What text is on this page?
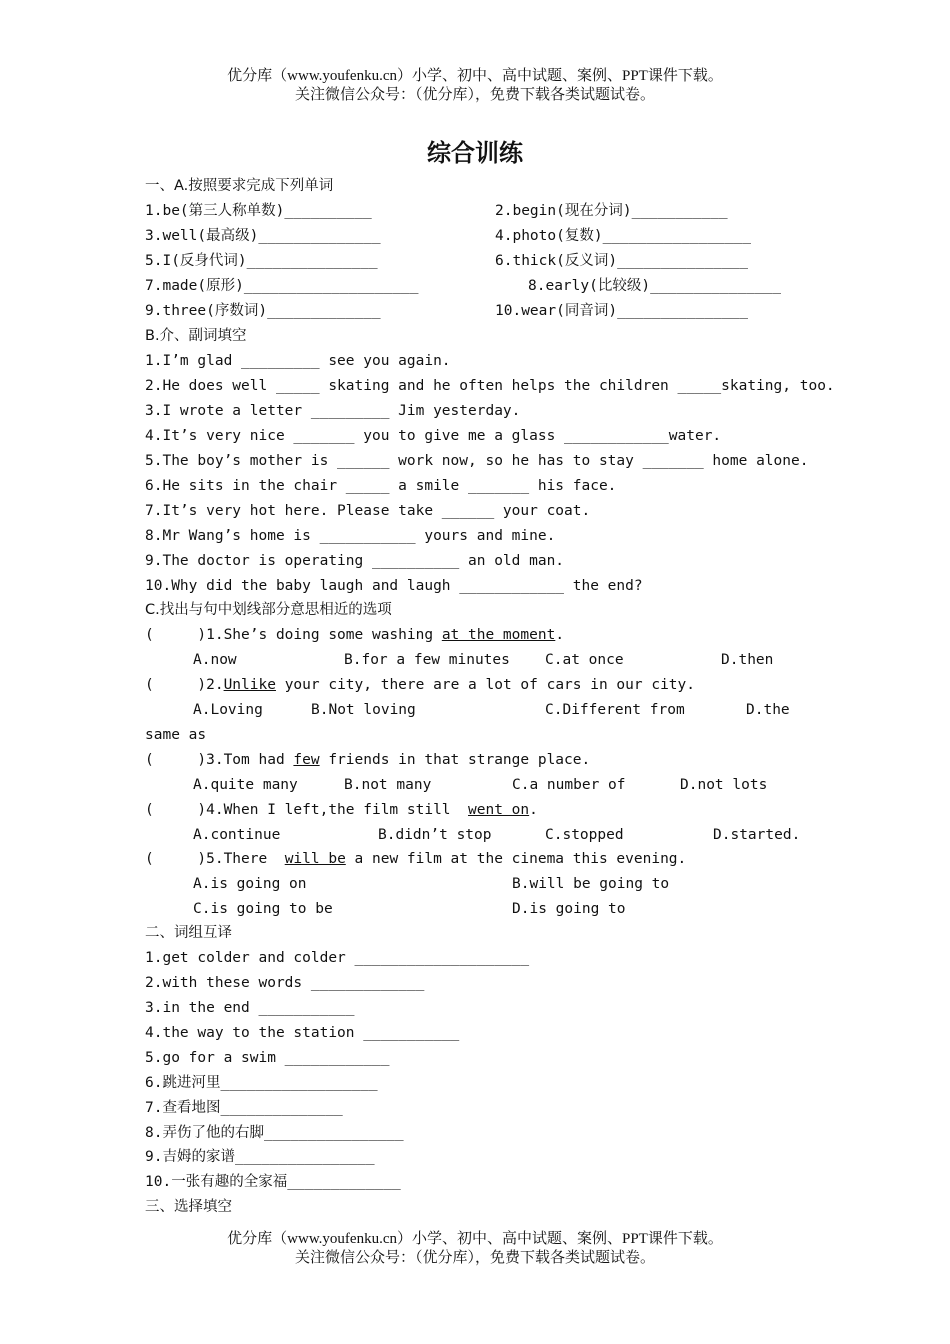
优分库（www.youfenku.cn）小学、初中、高中试题、案例、PPT课件下载。
关注微信公众号：（优分库），免费下载各类试题试卷。
综合训练
一、A.按照要求完成下列单词
1.be(第三人称单数)__________	2.begin(现在分词)___________
3.well(最高级)______________	4.photo(复数)_________________
5.I(反身代词)_______________	6.thick(反义词)_______________
7.made(原形)____________________	8.early(比较级)_______________
9.three(序数词)_____________	10.wear(同音词)_______________
B.介、副词填空
1.I’m glad _________ see you again.
2.He does well _____ skating and he often helps the children _____skating, too.
3.I wrote a letter _________ Jim yesterday.
4.It’s very nice _______ you to give me a glass ____________water.
5.The boy’s mother is ______ work now, so he has to stay _______ home alone.
6.He sits in the chair _____ a smile _______ his face.
7.It’s very hot here. Please take ______ your coat.
8.Mr Wang’s home is ___________ yours and mine.
9.The doctor is operating __________ an old man.
10.Why did the baby laugh and laugh ____________ the end?
C.找出与句中划线部分意思相近的选项
(     )1.She’s doing some washing at the moment.
A.now	B.for a few minutes C.at once	D.then
(     )2.Unlike your city, there are a lot of cars in our city.
A.Loving	B.Not loving	C.Different from	D.the
same as
(     )3.Tom had few friends in that strange place.
A.quite many	B.not many	C.a number of	D.not lots
(     )4.When I left,the film still  went on.
A.continue	B.didn’t stop	C.stopped	D.started.
(     )5.There  will be a new film at the cinema this evening.
A.is going on	B.will be going to
C.is going to be	D.is going to
二、词组互译
1.get colder and colder ____________________
2.with these words _____________
3.in the end ___________
4.the way to the station ___________
5.go for a swim ____________
6.跳进河里__________________
7.查看地图______________
8.弄伤了他的右脚________________
9.吉姆的家谱________________
10.一张有趣的全家福_____________
三、选择填空
优分库（www.youfenku.cn）小学、初中、高中试题、案例、PPT课件下载。
关注微信公众号：（优分库），免费下载各类试题试卷。
